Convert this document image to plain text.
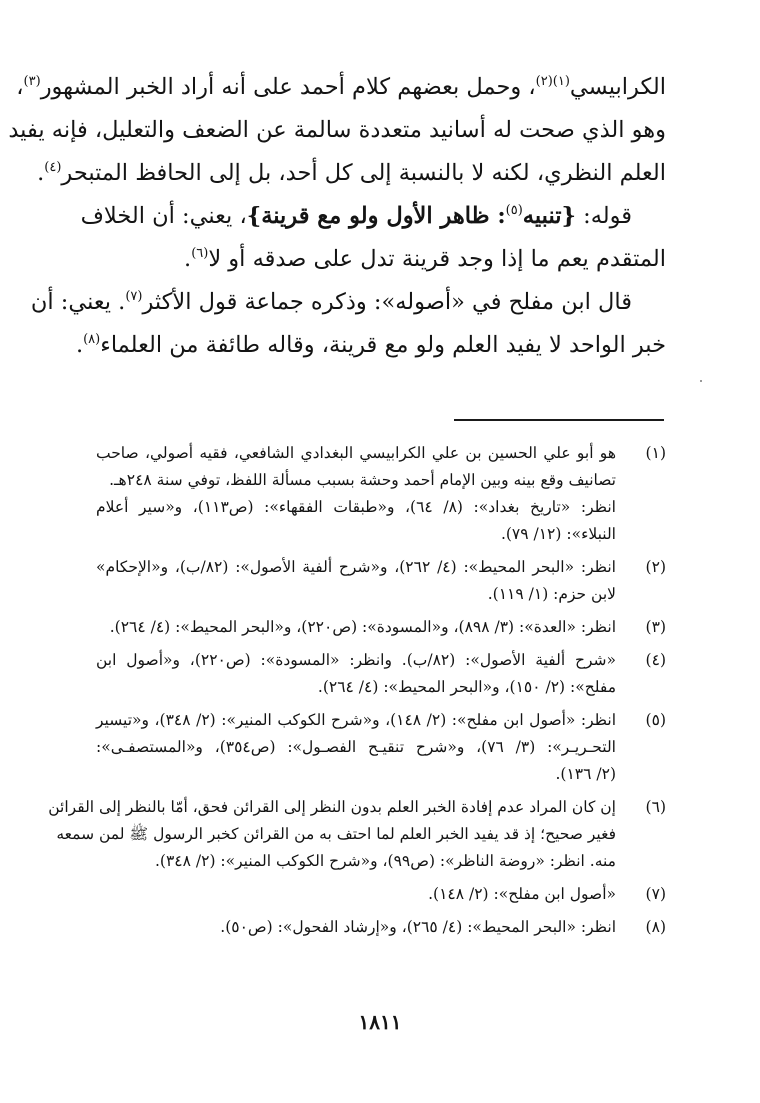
الكرابيسي$^{(١)(٢)}$، وحمل بعضهم كلام أحمد على أنه أراد الخبر المشهور$^{(٣)}$،
وهو الذي صحت له أسانيد متعددة سالمة عن الضعف والتعليل، فإنه يفيد
العلم النظري، لكنه لا بالنسبة إلى كل أحد، بل إلى الحافظ المتبحر$^{(٤)}$.
قوله: {تنبيه$^{(٥)}$: ظاهر الأول ولو مع قرينة}، يعني: أن الخلاف
المتقدم يعم ما إذا وجد قرينة تدل على صدقه أو لا$^{(٦)}$.
قال ابن مفلح في «أصوله»: وذكره جماعة قول الأكثر$^{(٧)}$. يعني: أن
خبر الواحد لا يفيد العلم ولو مع قرينة، وقاله طائفة من العلماء$^{(٨)}$.
(١)
هو أبو علي الحسين بن علي الكرابيسي البغدادي الشافعي، فقيه أصولي، صاحب
تصانيف وقع بينه وبين الإمام أحمد وحشة بسبب مسألة اللفظ، توفي سنة ٢٤٨هـ.
انظر: «تاريخ بغداد»: (٨/ ٦٤)، و«طبقات الفقهاء»: (ص١١٣)، و«سير أعلام
النبلاء»: (١٢/ ٧٩).
(٢)
انظر: «البحر المحيط»: (٤/ ٢٦٢)، و«شرح ألفية الأصول»: (٨٢/ب)، و«الإحكام»
لابن حزم: (١/ ١١٩).
(٣)
انظر: «العدة»: (٣/ ٨٩٨)، و«المسودة»: (ص٢٢٠)، و«البحر المحيط»: (٤/ ٢٦٤).
(٤)
«شرح ألفية الأصول»: (٨٢/ب). وانظر: «المسودة»: (ص٢٢٠)، و«أصول ابن
مفلح»: (٢/ ١٥٠)، و«البحر المحيط»: (٤/ ٢٦٤).
(٥)
انظر: «أصول ابن مفلح»: (٢/ ١٤٨)، و«شرح الكوكب المنير»: (٢/ ٣٤٨)، و«تيسير
التحـريـر»: (٣/ ٧٦)، و«شرح تنقيـح الفصـول»: (ص٣٥٤)، و«المستصفـى»:
(٢/ ١٣٦).
(٦)
إن كان المراد عدم إفادة الخبر العلم بدون النظر إلى القرائن فحق، أمّا بالنظر إلى القرائن
فغير صحيح؛ إذ قد يفيد الخبر العلم لما احتف به من القرائن كخبر الرسول ﷺ لمن سمعه
منه. انظر: «روضة الناظر»: (ص٩٩)، و«شرح الكوكب المنير»: (٢/ ٣٤٨).
(٧)
«أصول ابن مفلح»: (٢/ ١٤٨).
(٨)
انظر: «البحر المحيط»: (٤/ ٢٦٥)، و«إرشاد الفحول»: (ص٥٠).
١٨١١
